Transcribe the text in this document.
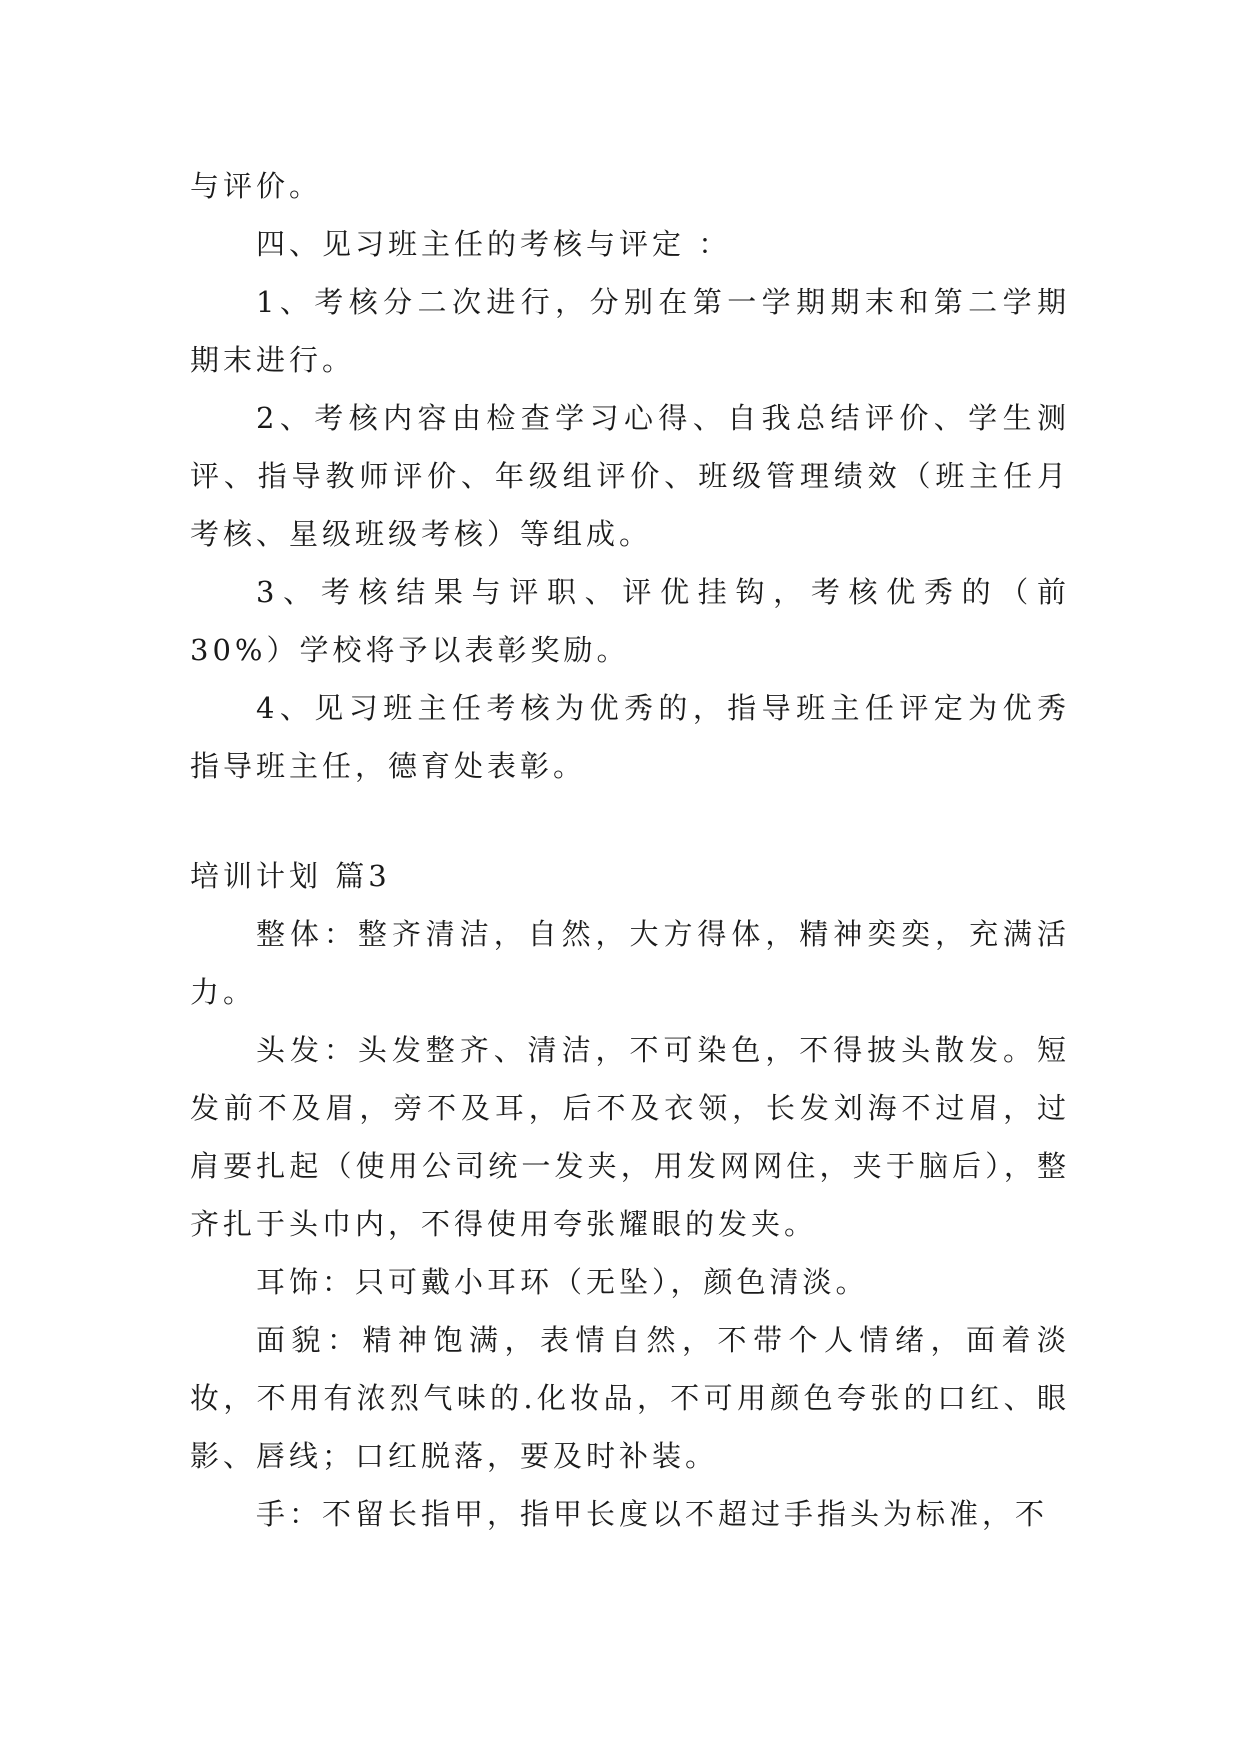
与评价。

四、见习班主任的考核与评定 ：

1、考核分二次进行，分别在第一学期期末和第二学期期末进行。

2、考核内容由检查学习心得、自我总结评价、学生测评、指导教师评价、年级组评价、班级管理绩效（班主任月考核、星级班级考核）等组成。

3、考核结果与评职、评优挂钩，考核优秀的（前 30%）学校将予以表彰奖励。

4、见习班主任考核为优秀的，指导班主任评定为优秀指导班主任，德育处表彰。

培训计划 篇3

整体：整齐清洁，自然，大方得体，精神奕奕，充满活力。

头发：头发整齐、清洁，不可染色，不得披头散发。短发前不及眉，旁不及耳，后不及衣领，长发刘海不过眉，过肩要扎起（使用公司统一发夹，用发网网住，夹于脑后），整齐扎于头巾内，不得使用夸张耀眼的发夹。

耳饰：只可戴小耳环（无坠），颜色清淡。

面貌：精神饱满，表情自然，不带个人情绪，面着淡妆，不用有浓烈气味的.化妆品，不可用颜色夸张的口红、眼影、唇线；口红脱落，要及时补装。

手：不留长指甲，指甲长度以不超过手指头为标准，不
